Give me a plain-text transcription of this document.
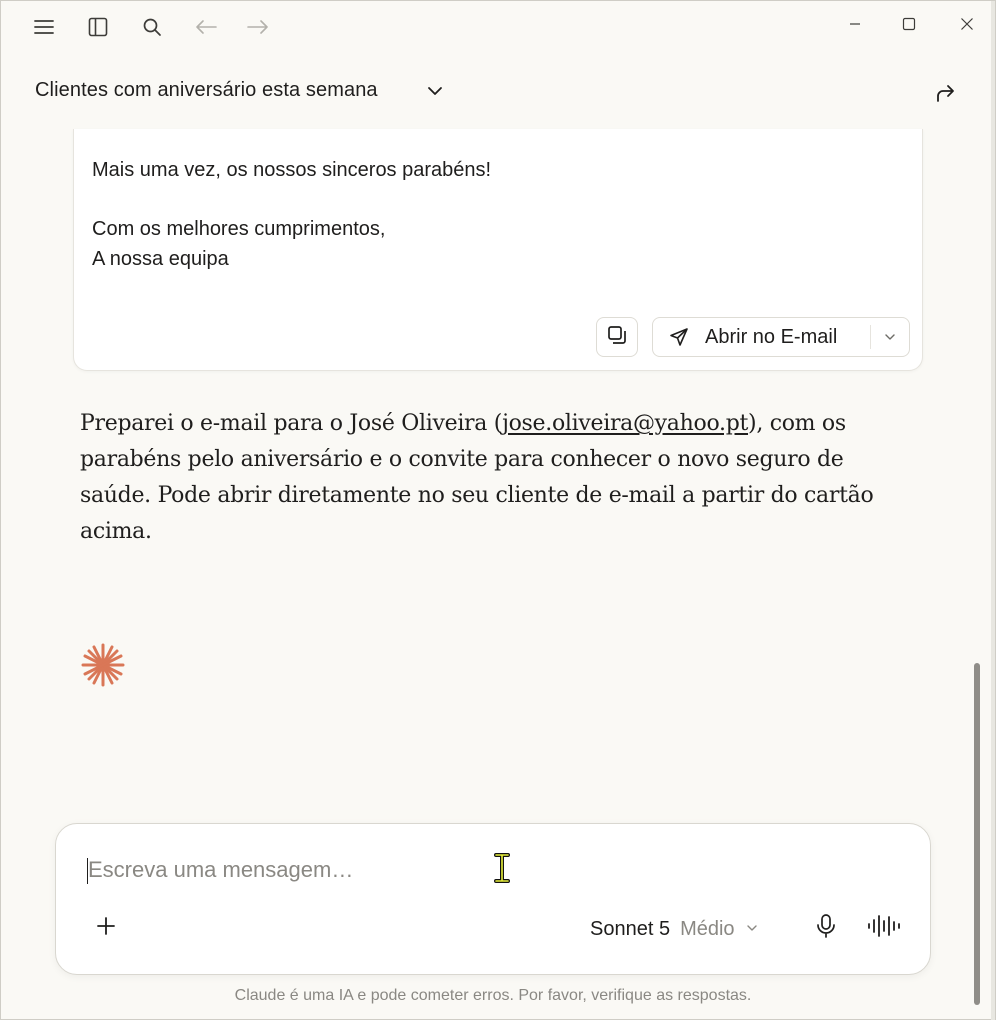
Clientes com aniversário esta semana
Mais uma vez, os nossos sinceros parabéns!
Com os melhores cumprimentos,
A nossa equipa
Abrir no E-mail
Preparei o e-mail para o José Oliveira (jose.oliveira@yahoo.pt), com os parabéns pelo aniversário e o convite para conhecer o novo seguro de saúde. Pode abrir diretamente no seu cliente de e-mail a partir do cartão acima.
Escreva uma mensagem…
Sonnet 5 Médio
Claude é uma IA e pode cometer erros. Por favor, verifique as respostas.
